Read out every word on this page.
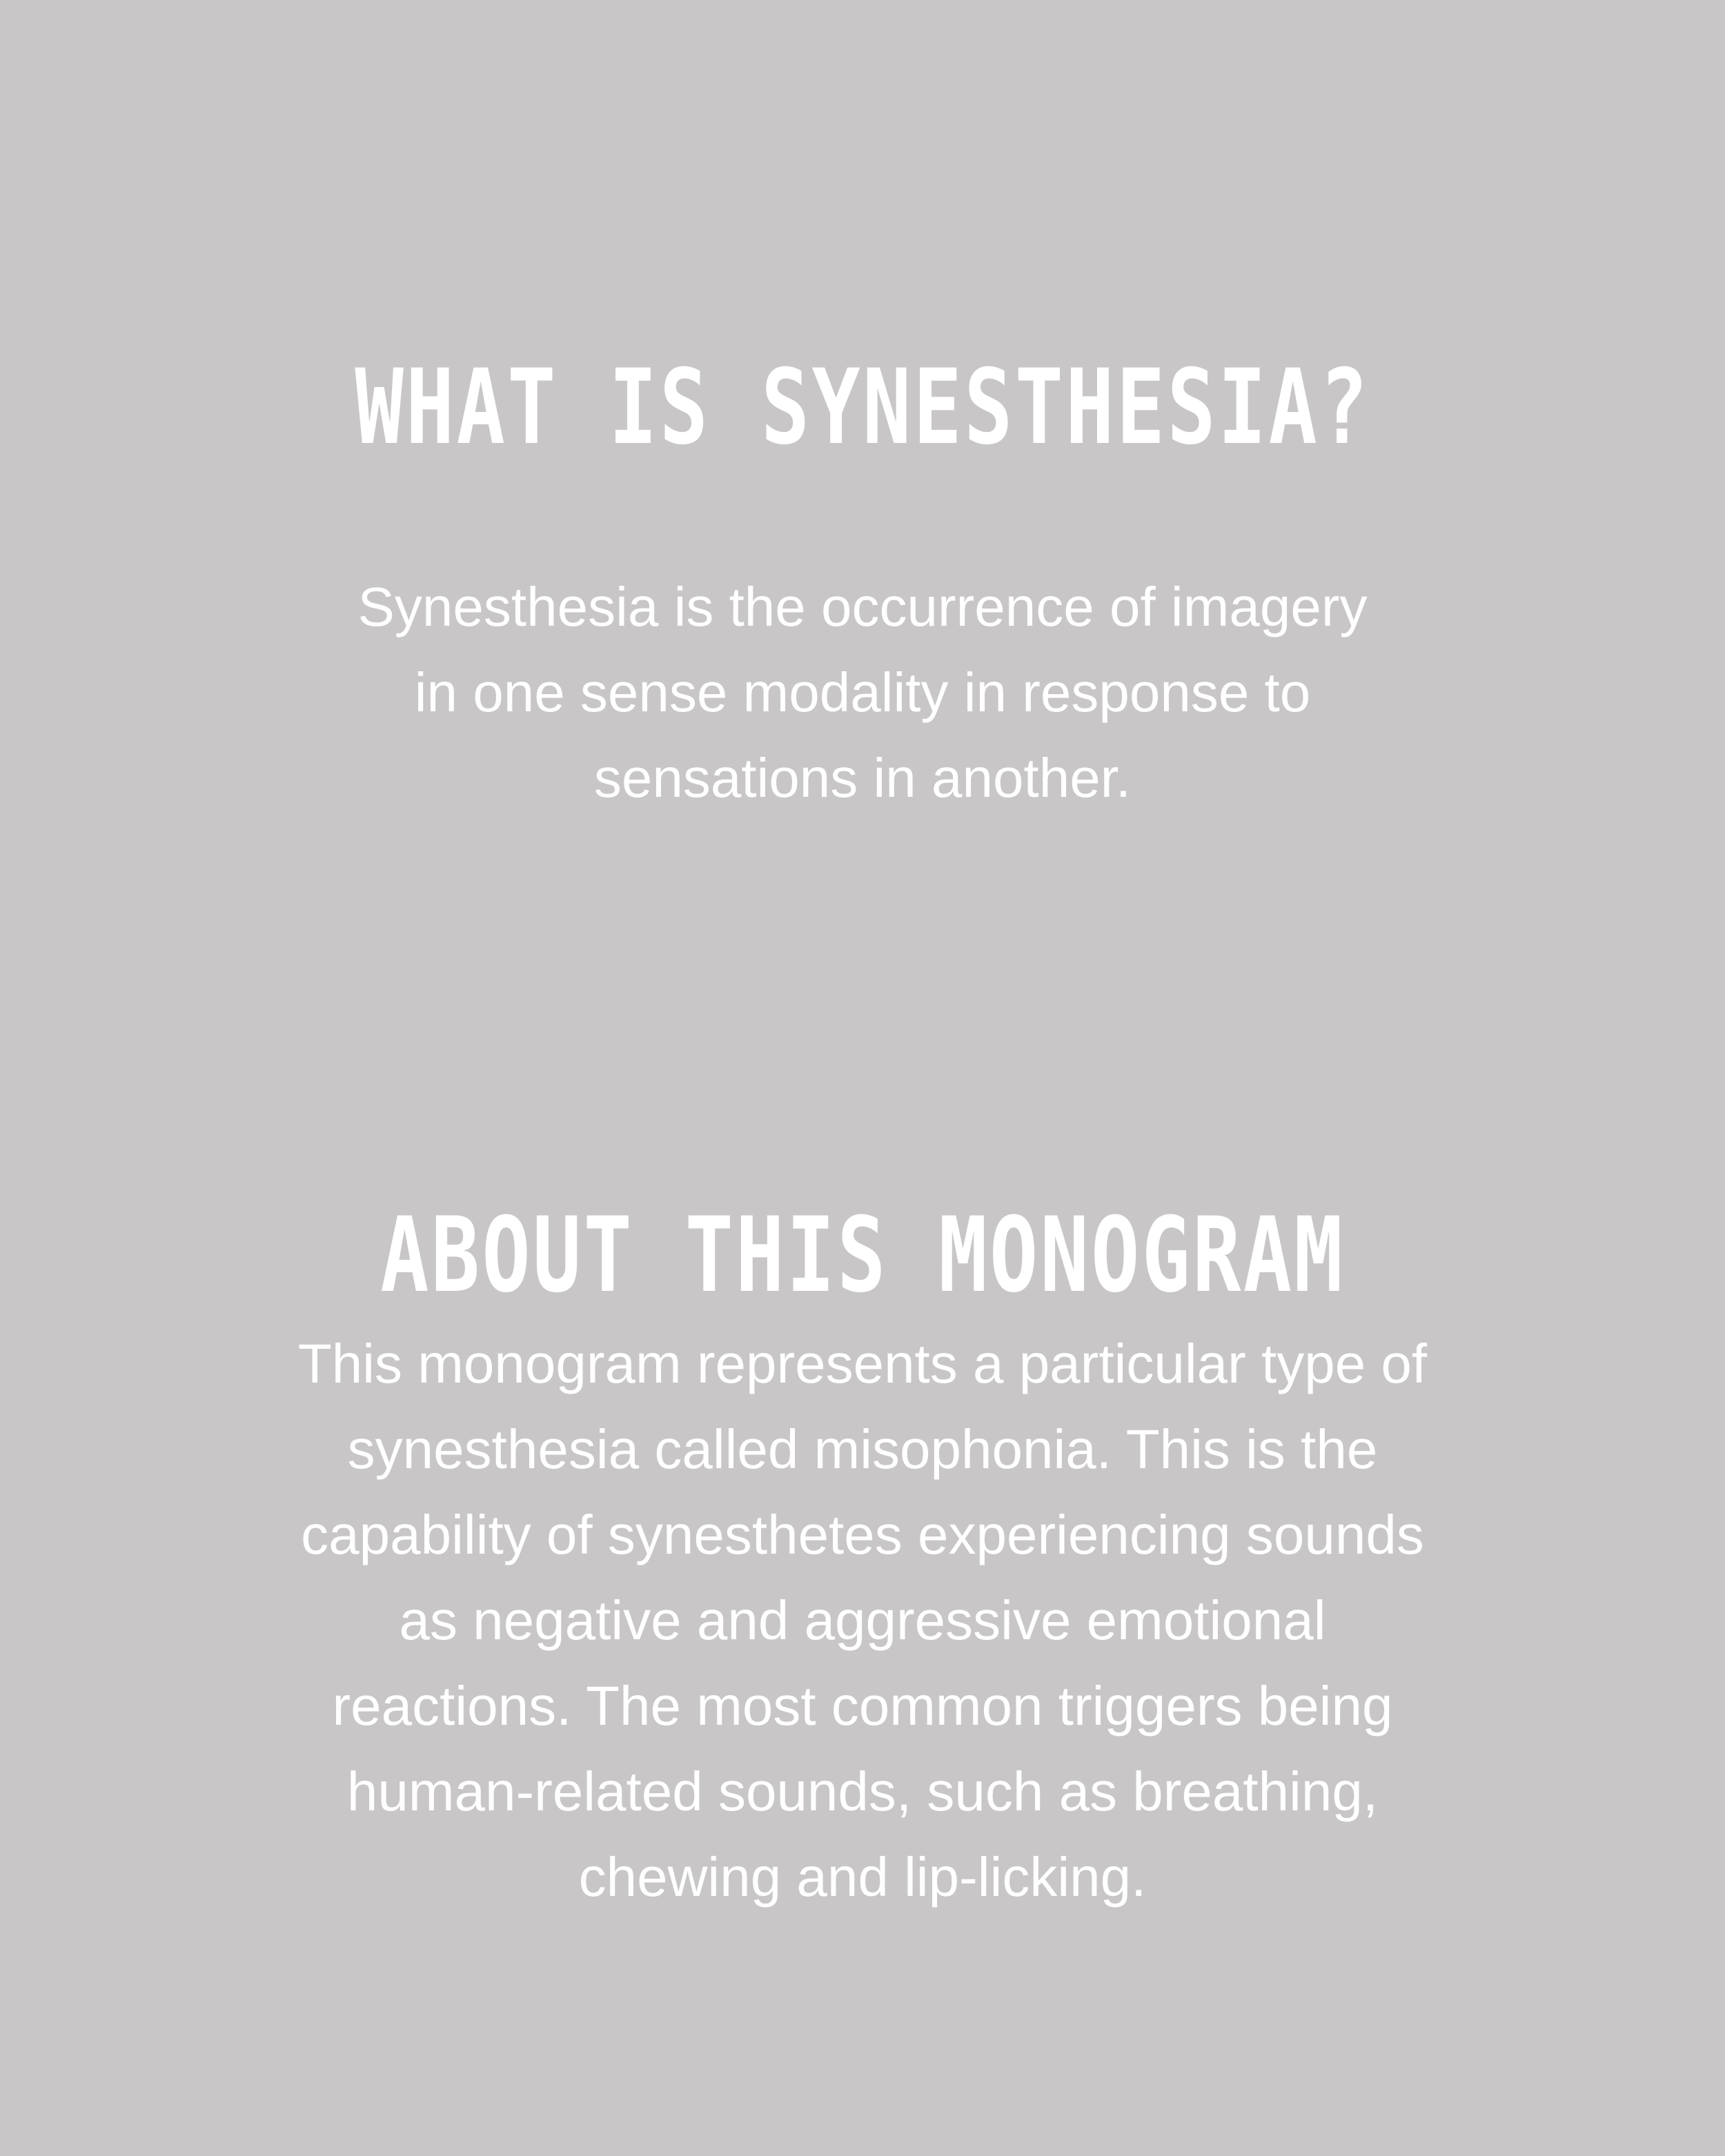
WHAT IS SYNESTHESIA?
Synesthesia is the occurrence of imagery
in one sense modality in response to
sensations in another.
ABOUT THIS MONOGRAM
This monogram represents a particular type of
synesthesia called misophonia. This is the
capability of synesthetes experiencing sounds
as negative and aggressive emotional
reactions. The most common triggers being
human-related sounds, such as breathing,
chewing and lip-licking.
